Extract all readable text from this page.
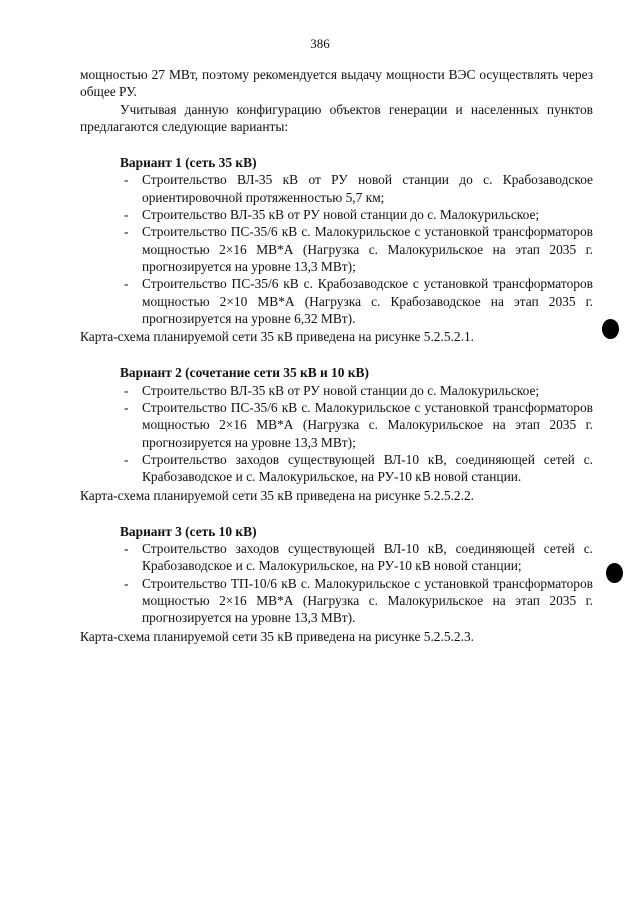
386

мощностью 27 МВт, поэтому рекомендуется выдачу мощности ВЭС осуществлять через общее РУ.

Учитывая данную конфигурацию объектов генерации и населенных пунктов предлагаются следующие варианты:

Вариант 1 (сеть 35 кВ)

- Строительство ВЛ-35 кВ от РУ новой станции до с. Крабозаводское ориентировочной протяженностью 5,7 км;
- Строительство ВЛ-35 кВ от РУ новой станции до с. Малокурильское;
- Строительство ПС-35/6 кВ с. Малокурильское с установкой трансформаторов мощностью 2×16 МВ*А (Нагрузка с. Малокурильское на этап 2035 г. прогнозируется на уровне 13,3 МВт);
- Строительство ПС-35/6 кВ с. Крабозаводское с установкой трансформаторов мощностью 2×10 МВ*А (Нагрузка с. Крабозаводское на этап 2035 г. прогнозируется на уровне 6,32 МВт).

Карта-схема планируемой сети 35 кВ приведена на рисунке 5.2.5.2.1.

Вариант 2 (сочетание сети 35 кВ и 10 кВ)

- Строительство ВЛ-35 кВ от РУ новой станции до с. Малокурильское;
- Строительство ПС-35/6 кВ с. Малокурильское с установкой трансформаторов мощностью 2×16 МВ*А (Нагрузка с. Малокурильское на этап 2035 г. прогнозируется на уровне 13,3 МВт);
- Строительство заходов существующей ВЛ-10 кВ, соединяющей сетей с. Крабозаводское и с. Малокурильское, на РУ-10 кВ новой станции.

Карта-схема планируемой сети 35 кВ приведена на рисунке 5.2.5.2.2.

Вариант 3 (сеть 10 кВ)

- Строительство заходов существующей ВЛ-10 кВ, соединяющей сетей с. Крабозаводское и с. Малокурильское, на РУ-10 кВ новой станции;
- Строительство ТП-10/6 кВ с. Малокурильское с установкой трансформаторов мощностью 2×16 МВ*А (Нагрузка с. Малокурильское на этап 2035 г. прогнозируется на уровне 13,3 МВт).

Карта-схема планируемой сети 35 кВ приведена на рисунке 5.2.5.2.3.
